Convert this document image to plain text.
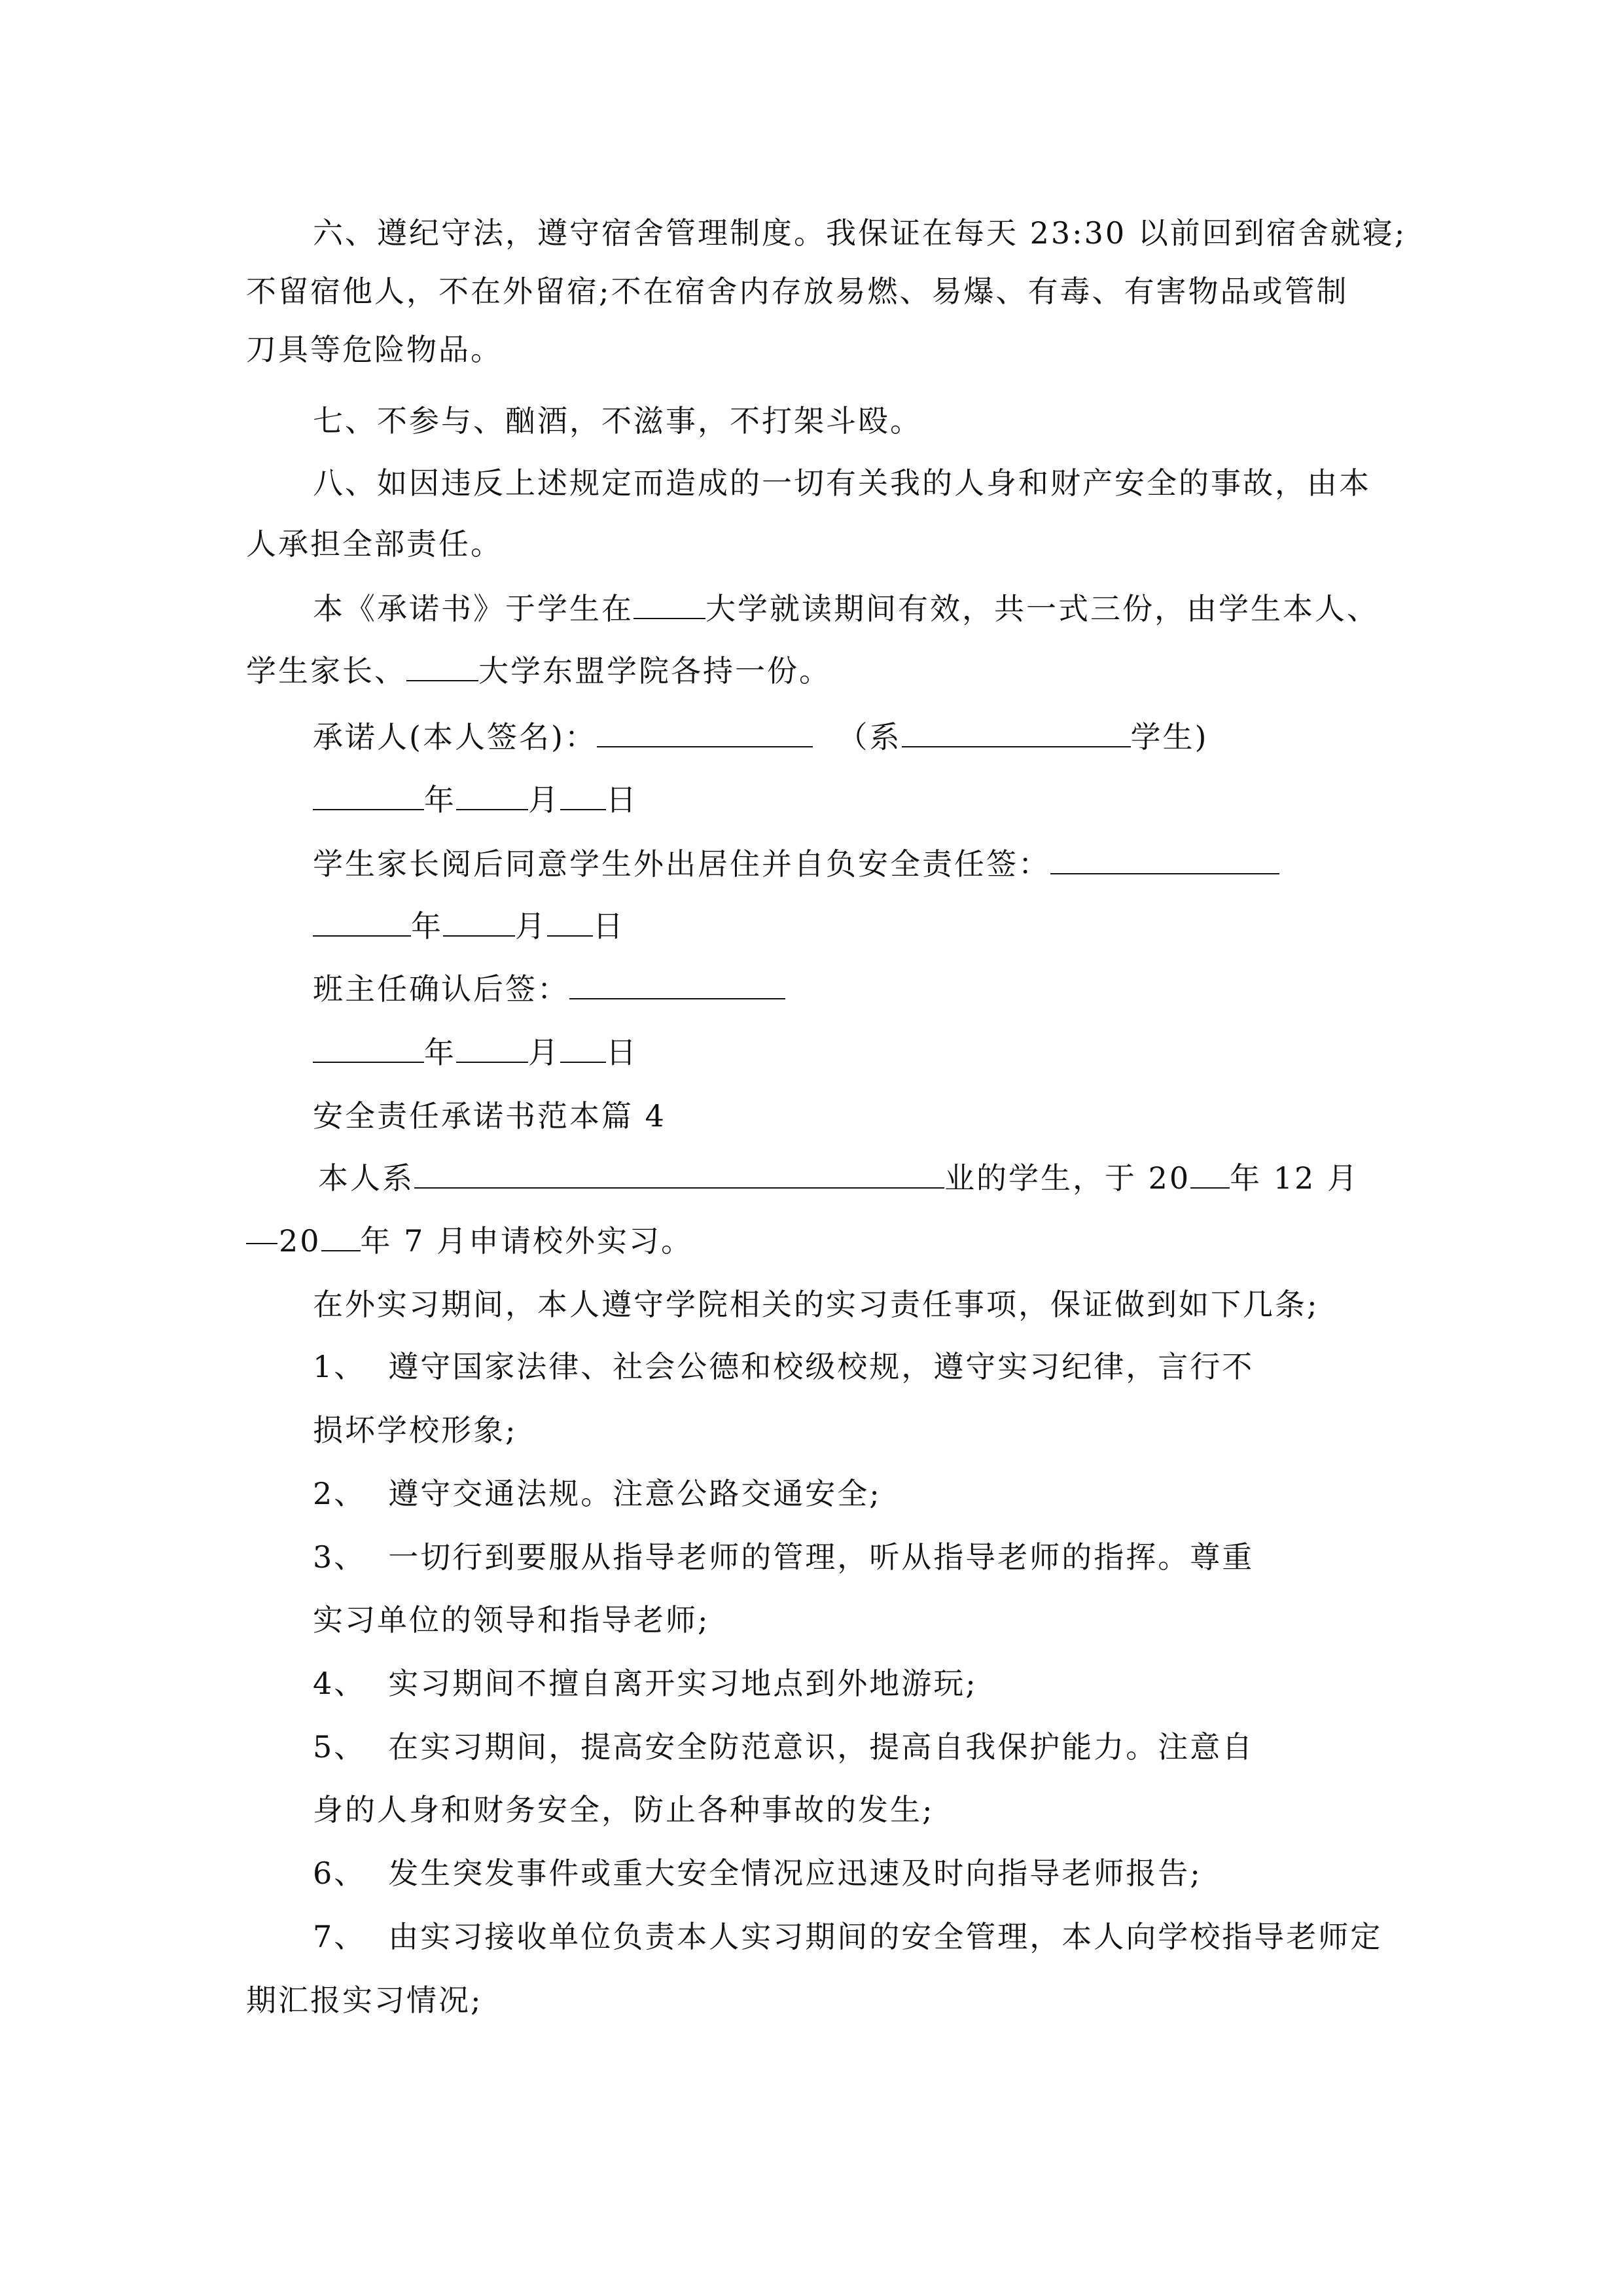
六、遵纪守法，遵守宿舍管理制度。我保证在每天 23:30 以前回到宿舍就寝;
不留宿他人，不在外留宿;不在宿舍内存放易燃、易爆、有毒、有害物品或管制
刀具等危险物品。
七、不参与、酗酒，不滋事，不打架斗殴。
八、如因违反上述规定而造成的一切有关我的人身和财产安全的事故，由本
人承担全部责任。
本《承诺书》于学生在 大学就读期间有效，共一式三份，由学生本人、
学生家长、 大学东盟学院各持一份。
承诺人(本人签名)：	（系	学生)
年 月 日
学生家长阅后同意学生外出居住并自负安全责任签：
年 月 日
班主任确认后签：
年 月 日
安全责任承诺书范本篇 4
本人系	业的学生，于 20 年 12 月
20 年 7 月申请校外实习。
在外实习期间，本人遵守学院相关的实习责任事项，保证做到如下几条;
1、 遵守国家法律、社会公德和校级校规，遵守实习纪律，言行不
损坏学校形象;
2、 遵守交通法规。注意公路交通安全;
3、 一切行到要服从指导老师的管理，听从指导老师的指挥。尊重
实习单位的领导和指导老师;
4、 实习期间不擅自离开实习地点到外地游玩;
5、 在实习期间，提高安全防范意识，提高自我保护能力。注意自
身的人身和财务安全，防止各种事故的发生;
6、 发生突发事件或重大安全情况应迅速及时向指导老师报告;
7、 由实习接收单位负责本人实习期间的安全管理，本人向学校指导老师定
期汇报实习情况;
